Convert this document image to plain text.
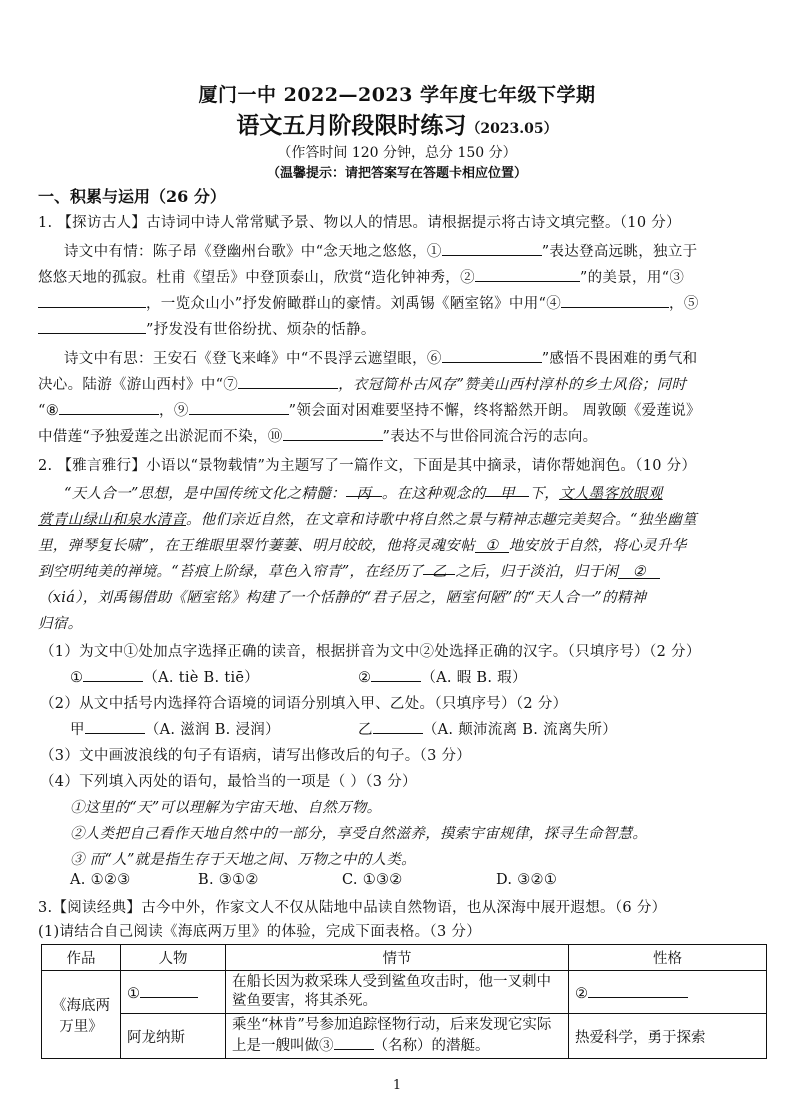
厦门一中 2022—2023 学年度七年级下学期
语文五月阶段限时练习（2023.05）
（作答时间 120 分钟，总分 150 分）
（温馨提示：请把答案写在答题卡相应位置）
一、积累与运用（26 分）
1. 【探访古人】古诗词中诗人常常赋予景、物以人的情思。请根据提示将古诗文填完整。（10 分）
诗文中有情：陈子昂《登幽州台歌》中“念天地之悠悠，①	”表达登高远眺，独立于
悠悠天地的孤寂。杜甫《望岳》中登顶泰山，欣赏“造化钟神秀，②	”的美景，用“③
，一览众山小”抒发俯瞰群山的豪情。刘禹锡《陋室铭》中用“④	，⑤
”抒发没有世俗纷扰、烦杂的恬静。
诗文中有思：王安石《登飞来峰》中“不畏浮云遮望眼，⑥	”感悟不畏困难的勇气和
决心。陆游《游山西村》中“⑦	，衣冠简朴古风存”赞美山西村淳朴的乡土风俗；同时
“⑧	，⑨	”领会面对困难要坚持不懈，终将豁然开朗。 周敦颐《爱莲说》
中借莲“予独爱莲之出淤泥而不染，⑩	”表达不与世俗同流合污的志向。
2. 【雅言雅行】小语以“景物载情”为主题写了一篇作文，下面是其中摘录，请你帮她润色。（10 分）
“天人合一”思想，是中国传统文化之精髓： 丙 。在这种观念的 甲 下，文人墨客放眼观
赏青山绿山和泉水清音。他们亲近自然，在文章和诗歌中将自然之景与精神志趣完美契合。“独坐幽篁
里，弹琴复长啸”，在王维眼里翠竹萋萋、明月皎皎，他将灵魂安帖 ① 地安放于自然，将心灵升华
到空明纯美的禅境。“苔痕上阶绿，草色入帘青”，在经历了 乙 之后，归于淡泊，归于闲 ②
（xiá），刘禹锡借助《陋室铭》构建了一个恬静的“君子居之，陋室何陋”的“天人合一”的精神
归宿。
（1）为文中①处加点字选择正确的读音，根据拼音为文中②处选择正确的汉字。（只填序号）（2 分）
①	（A. tiè B. tiē）	②	（A. 暇 B. 瑕）
（2）从文中括号内选择符合语境的词语分别填入甲、乙处。（只填序号）（2 分）
甲	（A. 滋润 B. 浸润）	乙	（A. 颠沛流离 B. 流离失所）
（3）文中画波浪线的句子有语病，请写出修改后的句子。（3 分）
（4）下列填入丙处的语句，最恰当的一项是（ ）（3 分）
①这里的“天”可以理解为宇宙天地、自然万物。
②人类把自己看作天地自然中的一部分，享受自然滋养，摸索宇宙规律，探寻生命智慧。
③ 而“人”就是指生存于天地之间、万物之中的人类。
A. ①②③	B. ③①②	C. ①③②	D. ③②①
3.【阅读经典】古今中外，作家文人不仅从陆地中品读自然物语，也从深海中展开遐想。（6 分）
(1)请结合自己阅读《海底两万里》的体验，完成下面表格。（3 分）
作品	人物	情节	性格
《海底两万里》	①	在船长因为救采珠人受到鲨鱼攻击时，他一叉刺中鲨鱼要害，将其杀死。	②
	阿龙纳斯	乘坐“林肯”号参加追踪怪物行动，后来发现它实际上是一艘叫做③ （名称）的潜艇。	热爱科学，勇于探索
1
